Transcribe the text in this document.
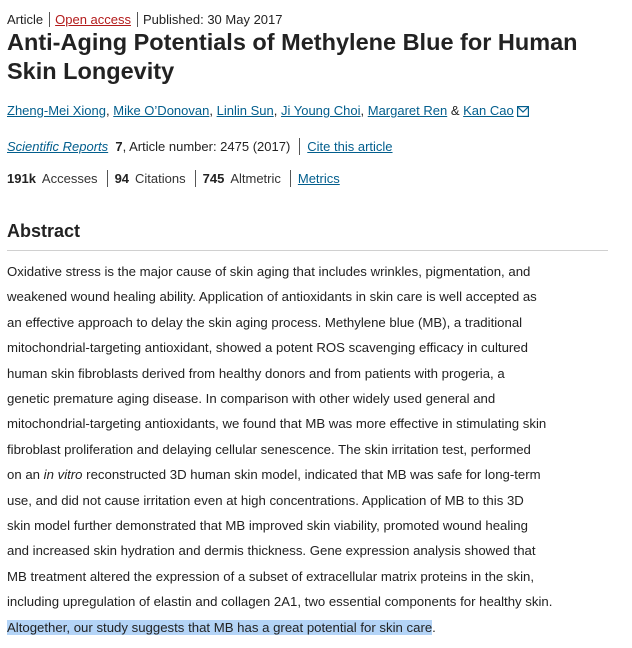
Article Open access Published: 30 May 2017
Anti-Aging Potentials of Methylene Blue for Human Skin Longevity
Zheng-Mei Xiong ,
Mike O’Donovan ,
Linlin Sun ,
Ji Young Choi ,
Margaret Ren
&
Kan Cao
Scientific Reports
7 , Article number: 2475 (2017) Cite this article
191k Accesses 94 Citations 745 Altmetric Metrics
Abstract

Oxidative stress is the major cause of skin aging that includes wrinkles, pigmentation, and
weakened wound healing ability. Application of antioxidants in skin care is well accepted as
an effective approach to delay the skin aging process. Methylene blue (MB), a traditional
mitochondrial-targeting antioxidant, showed a potent ROS scavenging efficacy in cultured
human skin fibroblasts derived from healthy donors and from patients with progeria, a
genetic premature aging disease. In comparison with other widely used general and
mitochondrial-targeting antioxidants, we found that MB was more effective in stimulating skin
fibroblast proliferation and delaying cellular senescence. The skin irritation test, performed
on an in vitro reconstructed 3D human skin model, indicated that MB was safe for long-term
use, and did not cause irritation even at high concentrations. Application of MB to this 3D
skin model further demonstrated that MB improved skin viability, promoted wound healing
and increased skin hydration and dermis thickness. Gene expression analysis showed that
MB treatment altered the expression of a subset of extracellular matrix proteins in the skin,
including upregulation of elastin and collagen 2A1, two essential components for healthy skin.
Altogether, our study suggests that MB has a great potential for skin care.
